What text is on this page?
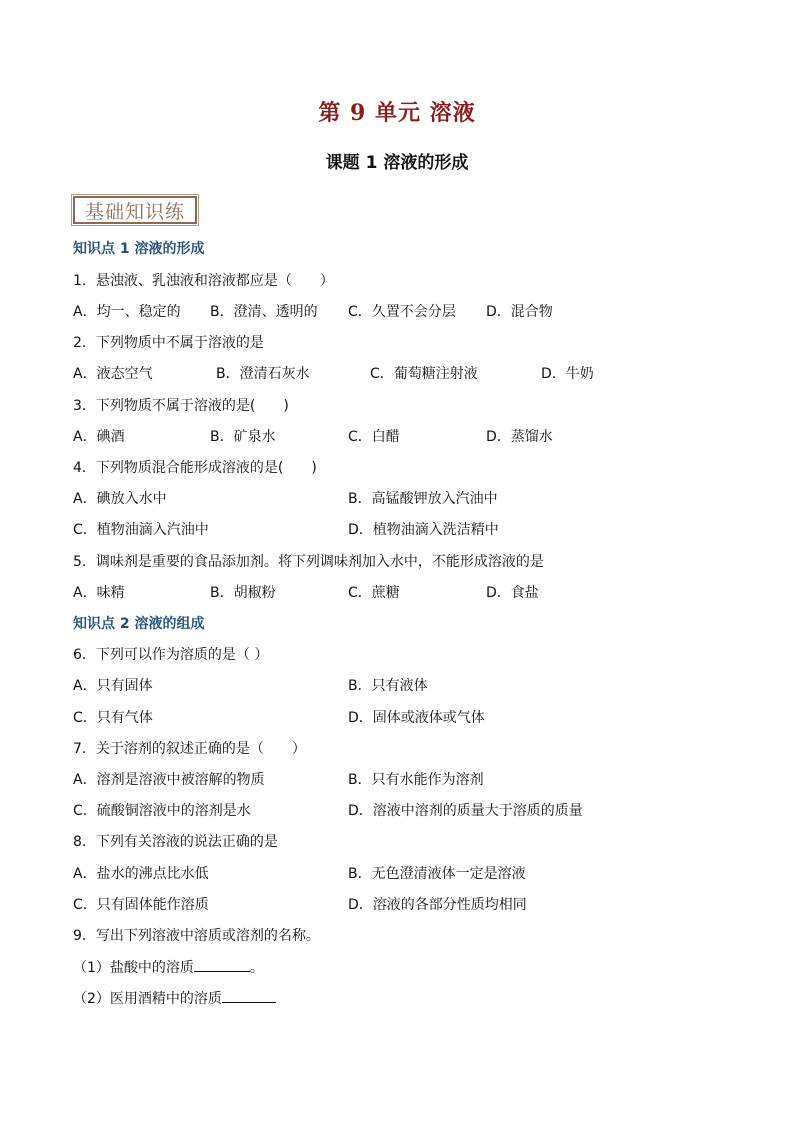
第 9 单元 溶液
课题 1 溶液的形成
基础知识练
知识点 1 溶液的形成
1．悬浊液、乳浊液和溶液都应是（　　）
A．均一、稳定的 B．澄清、透明的 C．久置不会分层 D．混合物
2．下列物质中不属于溶液的是
A．液态空气	B．澄清石灰水	C．葡萄糖注射液	D．牛奶
3．下列物质不属于溶液的是(　　)
A．碘酒	B．矿泉水	C．白醋	D．蒸馏水
4．下列物质混合能形成溶液的是(　　)
A．碘放入水中	B．高锰酸钾放入汽油中
C．植物油滴入汽油中	D．植物油滴入洗洁精中
5．调味剂是重要的食品添加剂。将下列调味剂加入水中，不能形成溶液的是
A．味精	B．胡椒粉	C．蔗糖	D．食盐
知识点 2 溶液的组成
6．下列可以作为溶质的是（ ）
A．只有固体	B．只有液体
C．只有气体	D．固体或液体或气体
7．关于溶剂的叙述正确的是（　　）
A．溶剂是溶液中被溶解的物质	B．只有水能作为溶剂
C．硫酸铜溶液中的溶剂是水	D．溶液中溶剂的质量大于溶质的质量
8．下列有关溶液的说法正确的是
A．盐水的沸点比水低	B．无色澄清液体一定是溶液
C．只有固体能作溶质	D．溶液的各部分性质均相同
9．写出下列溶液中溶质或溶剂的名称。
（1）盐酸中的溶质	。
（2）医用酒精中的溶质
